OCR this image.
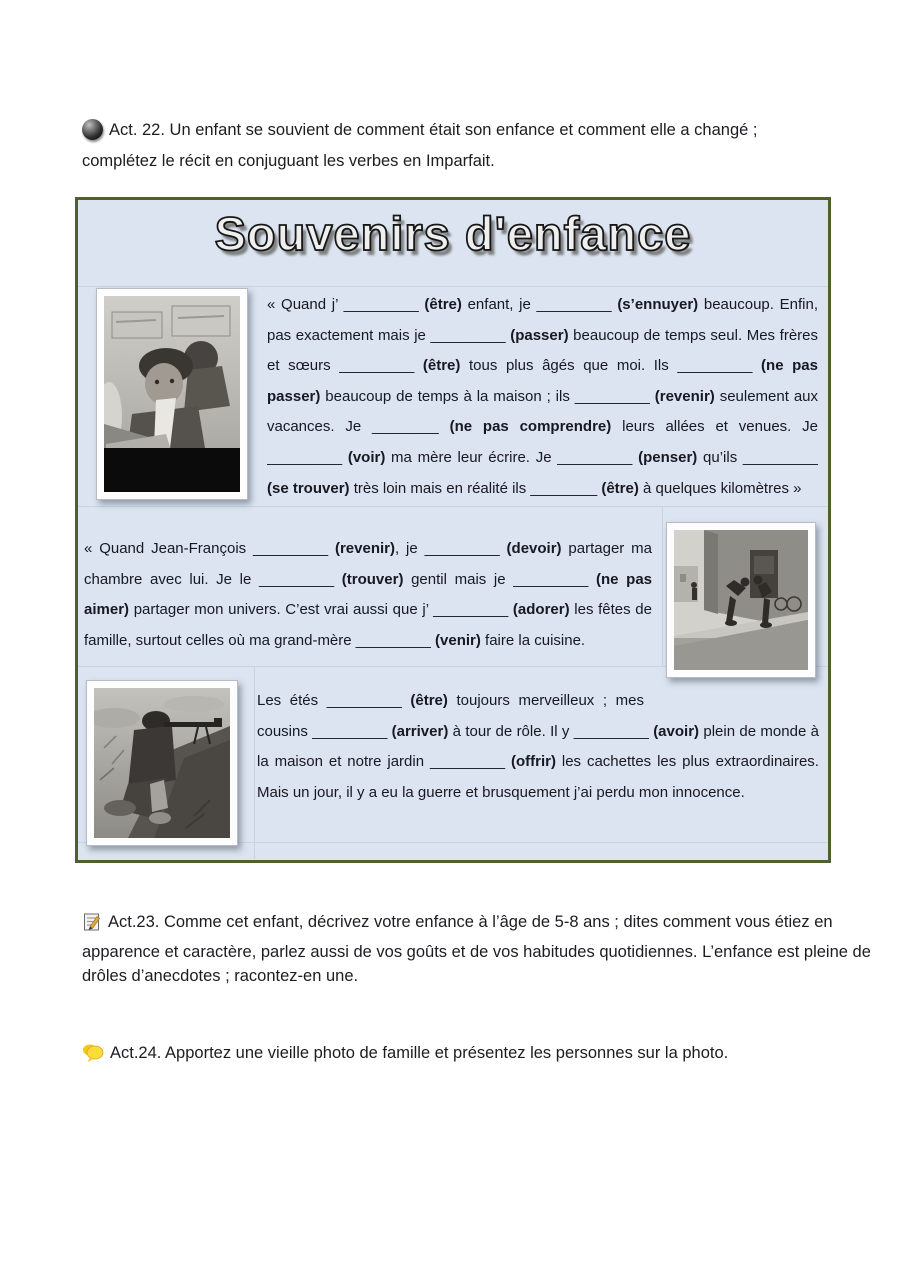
Act. 22. Un enfant se souvient de comment était son enfance et comment elle a changé ; complétez le récit en conjuguant les verbes en Imparfait.
Souvenirs d'enfance
« Quand j’ _________ (être) enfant, je _________ (s’ennuyer) beaucoup. Enfin, pas exactement mais je _________ (passer) beaucoup de temps seul. Mes frères et sœurs _________ (être) tous plus âgés que moi. Ils _________ (ne pas passer) beaucoup de temps à la maison ; ils _________ (revenir) seulement aux vacances. Je ________ (ne pas comprendre) leurs allées et venues. Je _________ (voir) ma mère leur écrire. Je _________ (penser) qu’ils _________ (se trouver) très loin mais en réalité ils ________ (être) à quelques kilomètres »
« Quand Jean-François _________ (revenir), je _________ (devoir) partager ma chambre avec lui. Je le _________ (trouver) gentil mais je _________ (ne pas aimer) partager mon univers. C’est vrai aussi que j’ _________ (adorer) les fêtes de famille, surtout celles où ma grand-mère _________ (venir) faire la cuisine.
Les étés _________ (être) toujours merveilleux ; mes cousins _________ (arriver) à tour de rôle. Il y _________ (avoir) plein de monde à la maison et notre jardin _________ (offrir) les cachettes les plus extraordinaires. Mais un jour, il y a eu la guerre et brusquement j’ai perdu mon innocence.
Act.23. Comme cet enfant, décrivez votre enfance à l’âge de 5-8 ans ; dites comment vous étiez en apparence et caractère, parlez aussi de vos goûts et de vos habitudes quotidiennes. L’enfance est pleine de drôles d’anecdotes ; racontez-en une.
Act.24. Apportez une vieille photo de famille et présentez les personnes sur la photo.
